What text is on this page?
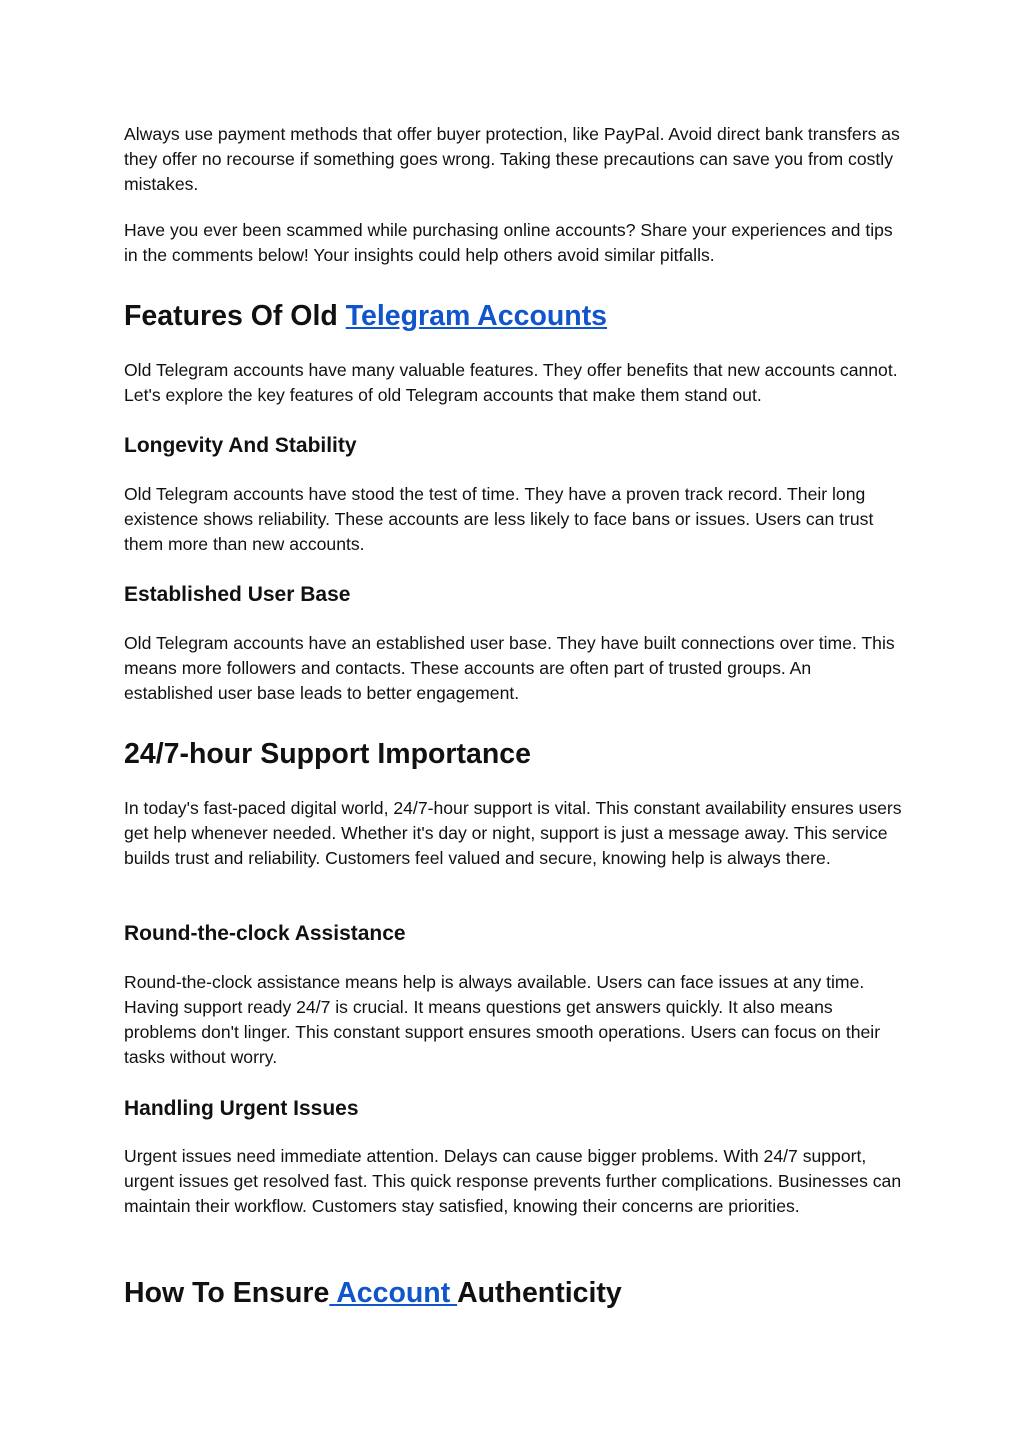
Always use payment methods that offer buyer protection, like PayPal. Avoid direct bank transfers as they offer no recourse if something goes wrong. Taking these precautions can save you from costly mistakes.

Have you ever been scammed while purchasing online accounts? Share your experiences and tips in the comments below! Your insights could help others avoid similar pitfalls.

Features Of Old Telegram Accounts

Old Telegram accounts have many valuable features. They offer benefits that new accounts cannot. Let's explore the key features of old Telegram accounts that make them stand out.

Longevity And Stability

Old Telegram accounts have stood the test of time. They have a proven track record. Their long existence shows reliability. These accounts are less likely to face bans or issues. Users can trust them more than new accounts.

Established User Base

Old Telegram accounts have an established user base. They have built connections over time. This means more followers and contacts. These accounts are often part of trusted groups. An established user base leads to better engagement.

24/7-hour Support Importance

In today's fast-paced digital world, 24/7-hour support is vital. This constant availability ensures users get help whenever needed. Whether it's day or night, support is just a message away. This service builds trust and reliability. Customers feel valued and secure, knowing help is always there.

Round-the-clock Assistance

Round-the-clock assistance means help is always available. Users can face issues at any time. Having support ready 24/7 is crucial. It means questions get answers quickly. It also means problems don't linger. This constant support ensures smooth operations. Users can focus on their tasks without worry.

Handling Urgent Issues

Urgent issues need immediate attention. Delays can cause bigger problems. With 24/7 support, urgent issues get resolved fast. This quick response prevents further complications. Businesses can maintain their workflow. Customers stay satisfied, knowing their concerns are priorities.

How To Ensure Account Authenticity
